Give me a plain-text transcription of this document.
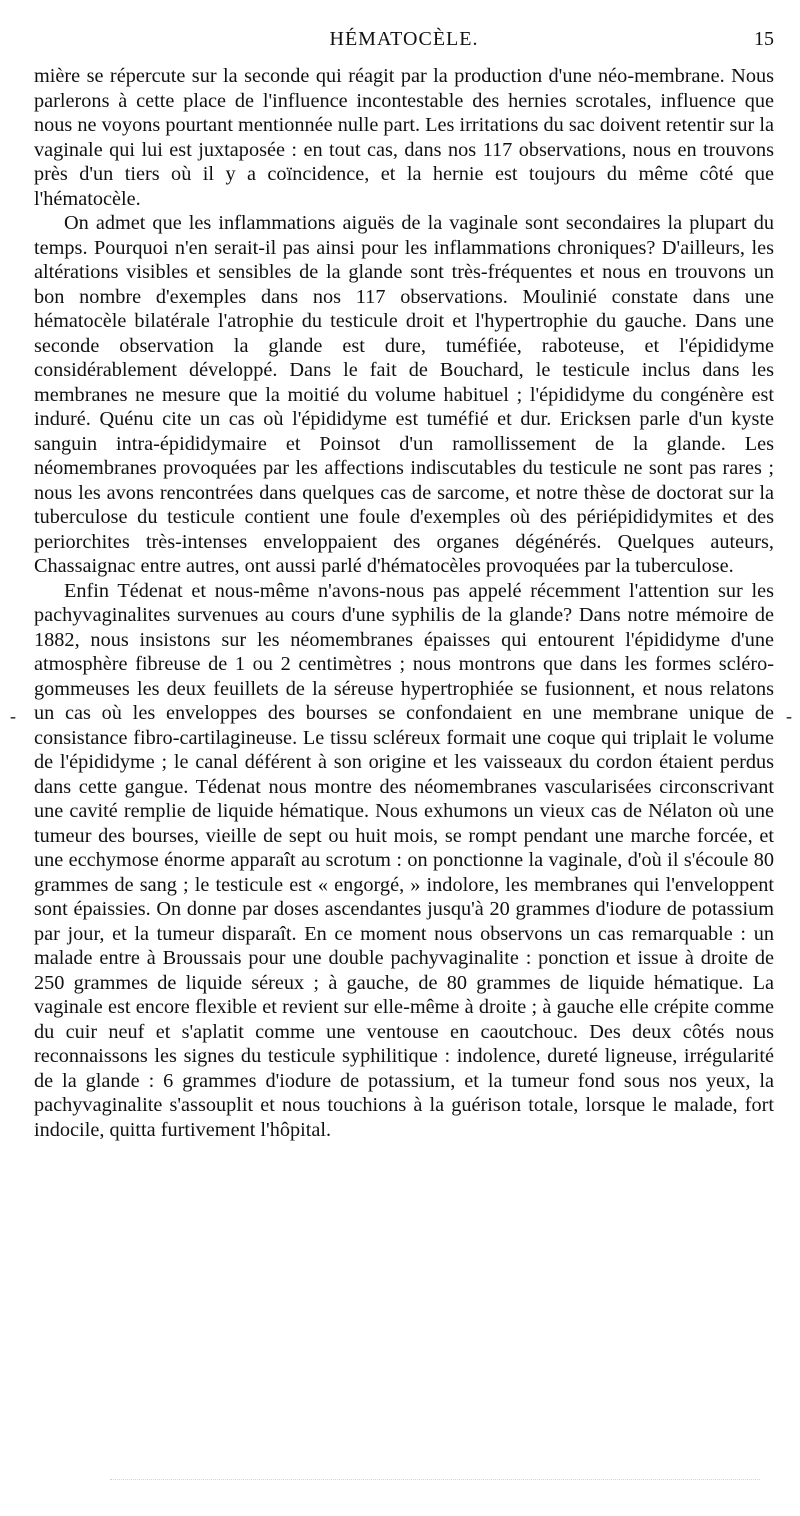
HÉMATOCÈLE.	15

mière se répercute sur la seconde qui réagit par la production d'une néo-membrane. Nous parlerons à cette place de l'influence incontestable des hernies scrotales, influence que nous ne voyons pourtant mentionnée nulle part. Les irritations du sac doivent retentir sur la vaginale qui lui est juxtaposée : en tout cas, dans nos 117 observations, nous en trouvons près d'un tiers où il y a coïncidence, et la hernie est toujours du même côté que l'hématocèle.

On admet que les inflammations aiguës de la vaginale sont secondaires la plupart du temps. Pourquoi n'en serait-il pas ainsi pour les inflammations chroniques? D'ailleurs, les altérations visibles et sensibles de la glande sont très-fréquentes et nous en trouvons un bon nombre d'exemples dans nos 117 observations. Moulinié constate dans une hématocèle bilatérale l'atrophie du testicule droit et l'hypertrophie du gauche. Dans une seconde observation la glande est dure, tuméfiée, raboteuse, et l'épididyme considérablement développé. Dans le fait de Bouchard, le testicule inclus dans les membranes ne mesure que la moitié du volume habituel ; l'épididyme du congénère est induré. Quénu cite un cas où l'épididyme est tuméfié et dur. Ericksen parle d'un kyste sanguin intra-épididymaire et Poinsot d'un ramollissement de la glande. Les néomembranes provoquées par les affections indiscutables du testicule ne sont pas rares ; nous les avons rencontrées dans quelques cas de sarcome, et notre thèse de doctorat sur la tuberculose du testicule contient une foule d'exemples où des périépididymites et des periorchites très-intenses enveloppaient des organes dégénérés. Quelques auteurs, Chassaignac entre autres, ont aussi parlé d'hématocèles provoquées par la tuberculose.

Enfin Tédenat et nous-même n'avons-nous pas appelé récemment l'attention sur les pachyvaginalites survenues au cours d'une syphilis de la glande? Dans notre mémoire de 1882, nous insistons sur les néomembranes épaisses qui entourent l'épididyme d'une atmosphère fibreuse de 1 ou 2 centimètres ; nous montrons que dans les formes scléro-gommeuses les deux feuillets de la séreuse hypertrophiée se fusionnent, et nous relatons un cas où les enveloppes des bourses se confondaient en une membrane unique de consistance fibro-cartilagineuse. Le tissu scléreux formait une coque qui triplait le volume de l'épididyme ; le canal déférent à son origine et les vaisseaux du cordon étaient perdus dans cette gangue. Tédenat nous montre des néomembranes vascularisées circonscrivant une cavité remplie de liquide hématique. Nous exhumons un vieux cas de Nélaton où une tumeur des bourses, vieille de sept ou huit mois, se rompt pendant une marche forcée, et une ecchymose énorme apparaît au scrotum : on ponctionne la vaginale, d'où il s'écoule 80 grammes de sang ; le testicule est « engorgé, » indolore, les membranes qui l'enveloppent sont épaissies. On donne par doses ascendantes jusqu'à 20 grammes d'iodure de potassium par jour, et la tumeur disparaît. En ce moment nous observons un cas remarquable : un malade entre à Broussais pour une double pachyvaginalite : ponction et issue à droite de 250 grammes de liquide séreux ; à gauche, de 80 grammes de liquide hématique. La vaginale est encore flexible et revient sur elle-même à droite ; à gauche elle crépite comme du cuir neuf et s'aplatit comme une ventouse en caoutchouc. Des deux côtés nous reconnaissons les signes du testicule syphilitique : indolence, dureté ligneuse, irrégularité de la glande : 6 grammes d'iodure de potassium, et la tumeur fond sous nos yeux, la pachyvaginalite s'assouplit et nous touchions à la guérison totale, lorsque le malade, fort indocile, quitta furtivement l'hôpital.

-	-
